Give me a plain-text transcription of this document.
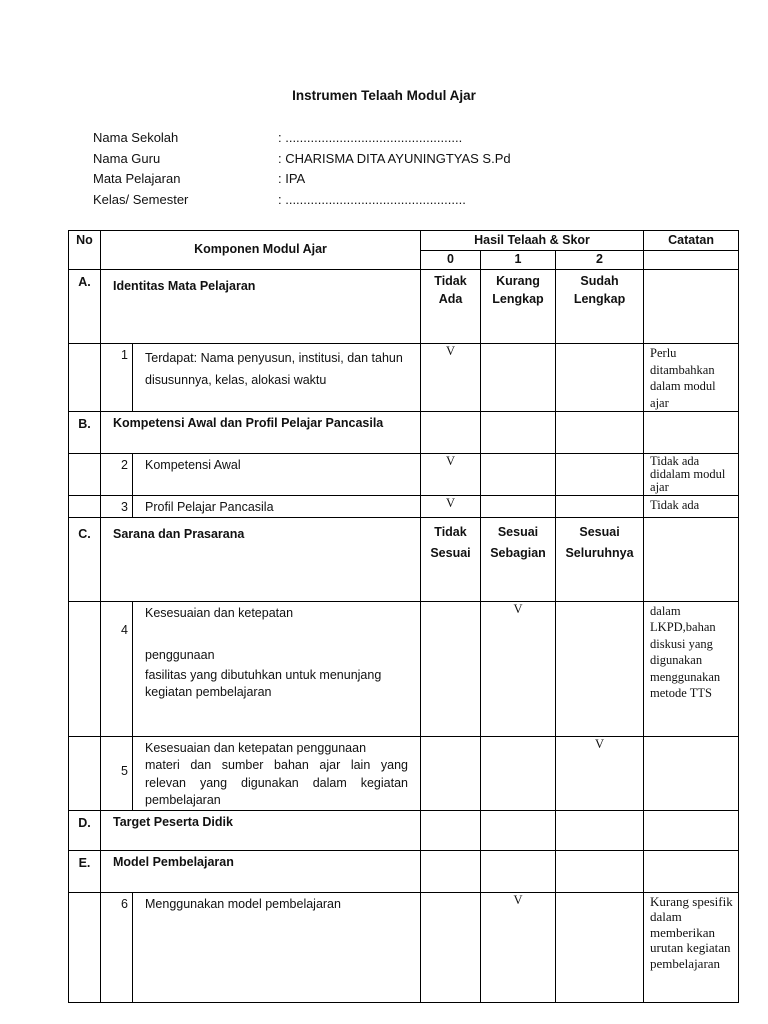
Instrumen Telaah Modul Ajar
Nama Sekolah	: .................................................
Nama Guru	: CHARISMA DITA AYUNINGTYAS S.Pd
Mata Pelajaran	: IPA
Kelas/ Semester	: ..................................................
No	Komponen Modul Ajar		Hasil Telaah & Skor			Catatan
			0	1	2	
A.	Identitas Mata Pelajaran		Tidak Ada	Kurang Lengkap	Sudah Lengkap	
	1	Terdapat: Nama penyusun, institusi, dan tahun disusunnya, kelas, alokasi waktu	V			Perlu ditambahkan dalam modul ajar
B.	Kompetensi Awal dan Profil Pelajar Pancasila					
	2	Kompetensi Awal	V			Tidak ada didalam modul ajar
	3	Profil Pelajar Pancasila	V			Tidak ada
C.	Sarana dan Prasarana		Tidak Sesuai	Sesuai Sebagian	Sesuai Seluruhnya	
	4	Kesesuaian dan ketepatan
penggunaan
fasilitas yang dibutuhkan untuk menunjang kegiatan pembelajaran		V		dalam LKPD,bahan diskusi yang digunakan menggunakan metode TTS
	5	Kesesuaian dan ketepatan penggunaan
materi dan sumber bahan ajar lain yang relevan yang digunakan dalam kegiatan pembelajaran			V	
D.	Target Peserta Didik					
E.	Model Pembelajaran					
	6	Menggunakan model pembelajaran		V		Kurang spesifik dalam memberikan urutan kegiatan pembelajaran
